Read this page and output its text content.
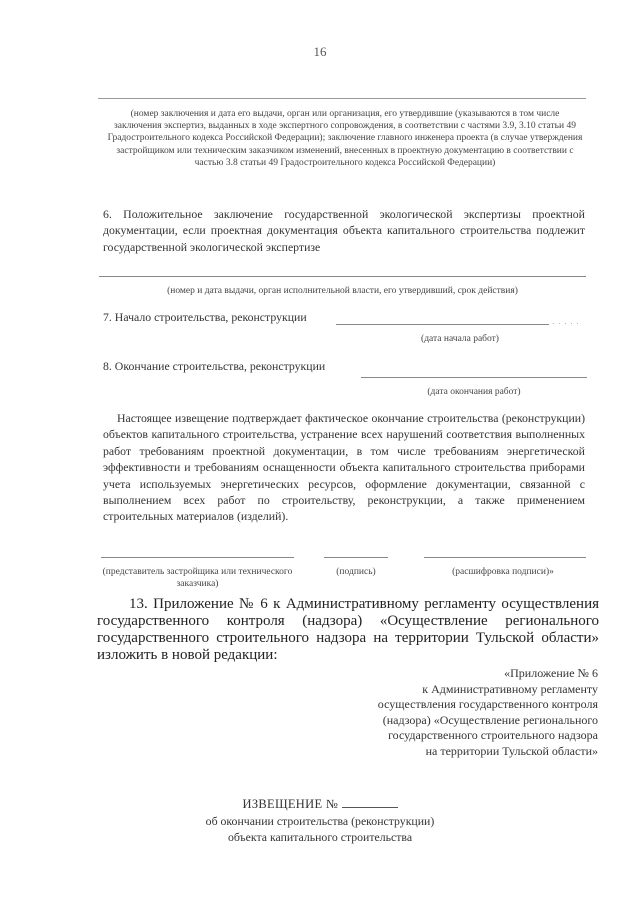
16
(номер заключения и дата его выдачи, орган или организация, его утвердившие (указываются в том числе заключения экспертиз, выданных в ходе экспертного сопровождения, в соответствии с частями 3.9, 3.10 статьи 49 Градостроительного кодекса Российской Федерации); заключение главного инженера проекта (в случае утверждения застройщиком или техническим заказчиком изменений, внесенных в проектную документацию в соответствии с частью 3.8 статьи 49 Градостроительного кодекса Российской Федерации)
6. Положительное заключение государственной экологической экспертизы проектной документации, если проектная документация объекта капитального строительства подлежит государственной экологической экспертизе
(номер и дата выдачи, орган исполнительной власти, его утвердивший, срок действия)
7. Начало строительства, реконструкции	· · · · ·
(дата начала работ)
8. Окончание строительства, реконструкции
(дата окончания работ)
Настоящее извещение подтверждает фактическое окончание строительства (реконструкции) объектов капитального строительства, устранение всех нарушений соответствия выполненных работ требованиям проектной документации, в том числе требованиям энергетической эффективности и требованиям оснащенности объекта капитального строительства приборами учета используемых энергетических ресурсов, оформление документации, связанной с выполнением всех работ по строительству, реконструкции, а также применением строительных материалов (изделий).
(представитель застройщика или технического заказчика)
(подпись)	(расшифровка подписи)»
13. Приложение № 6 к Административному регламенту осуществления государственного контроля (надзора) «Осуществление регионального государственного строительного надзора на территории Тульской области» изложить в новой редакции:
«Приложение № 6
к Административному регламенту
осуществления государственного контроля
(надзора) «Осуществление регионального
государственного строительного надзора
на территории Тульской области»
ИЗВЕЩЕНИЕ №
об окончании строительства (реконструкции)
объекта капитального строительства
